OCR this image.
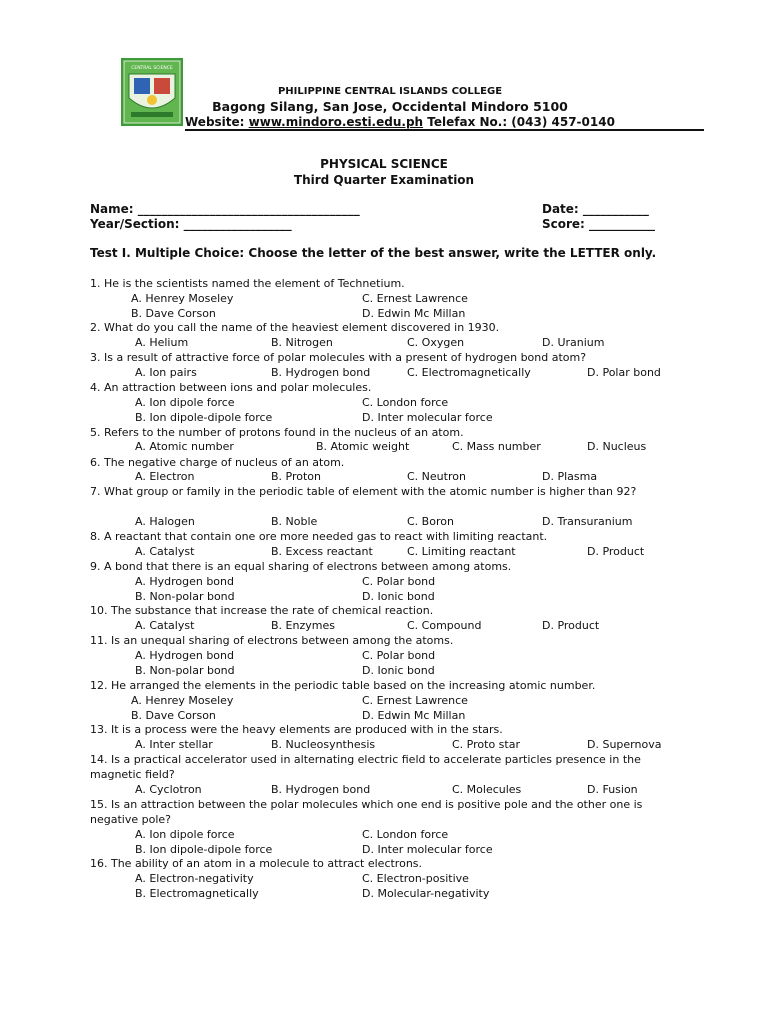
CENTRAL SCIENCE
PHILIPPINE CENTRAL ISLANDS COLLEGE
Bagong Silang, San Jose, Occidental Mindoro 5100
Website: www.mindoro.esti.edu.ph Telefax No.: (043) 457-0140
PHYSICAL SCIENCE
Third Quarter Examination
Name: _____________________________________	Date: ___________
Year/Section: __________________	Score: ___________
Test I. Multiple Choice: Choose the letter of the best answer, write the LETTER only.
1. He is the scientists named the element of Technetium.
A. Henrey Moseley	C. Ernest Lawrence
B. Dave Corson	D. Edwin Mc Millan
2. What do you call the name of the heaviest element discovered in 1930.
A. Helium	B. Nitrogen	C. Oxygen	D. Uranium
3. Is a result of attractive force of polar molecules with a present of hydrogen bond atom?
A. Ion pairs	B. Hydrogen bond	C. Electromagnetically	D. Polar bond
4. An attraction between ions and polar molecules.
A. Ion dipole force	C. London force
B. Ion dipole-dipole force	D. Inter molecular force
5. Refers to the number of protons found in the nucleus of an atom.
A. Atomic number	B. Atomic weight	C. Mass number	D. Nucleus
6. The negative charge of nucleus of an atom.
A. Electron	B. Proton	C. Neutron	D. Plasma
7. What group or family in the periodic table of element with the atomic number is higher than 92?
A. Halogen	B. Noble	C. Boron	D. Transuranium
8. A reactant that contain one ore more needed gas to react with limiting reactant.
A. Catalyst	B. Excess reactant	C. Limiting reactant	D. Product
9. A bond that there is an equal sharing of electrons between among atoms.
A. Hydrogen bond	C. Polar bond
B. Non-polar bond	D. Ionic bond
10. The substance that increase the rate of chemical reaction.
A. Catalyst	B. Enzymes	C. Compound	D. Product
11. Is an unequal sharing of electrons between among the atoms.
A. Hydrogen bond	C. Polar bond
B. Non-polar bond	D. Ionic bond
12. He arranged the elements in the periodic table based on the increasing atomic number.
A. Henrey Moseley	C. Ernest Lawrence
B. Dave Corson	D. Edwin Mc Millan
13. It is a process were the heavy elements are produced with in the stars.
A. Inter stellar	B. Nucleosynthesis	C. Proto star	D. Supernova
14. Is a practical accelerator used in alternating electric field to accelerate particles presence in the magnetic field?
A. Cyclotron	B. Hydrogen bond	C. Molecules	D. Fusion
15. Is an attraction between the polar molecules which one end is positive pole and the other one is negative pole?
A. Ion dipole force	C. London force
B. Ion dipole-dipole force	D. Inter molecular force
16. The ability of an atom in a molecule to attract electrons.
A. Electron-negativity	C. Electron-positive
B. Electromagnetically	D. Molecular-negativity
